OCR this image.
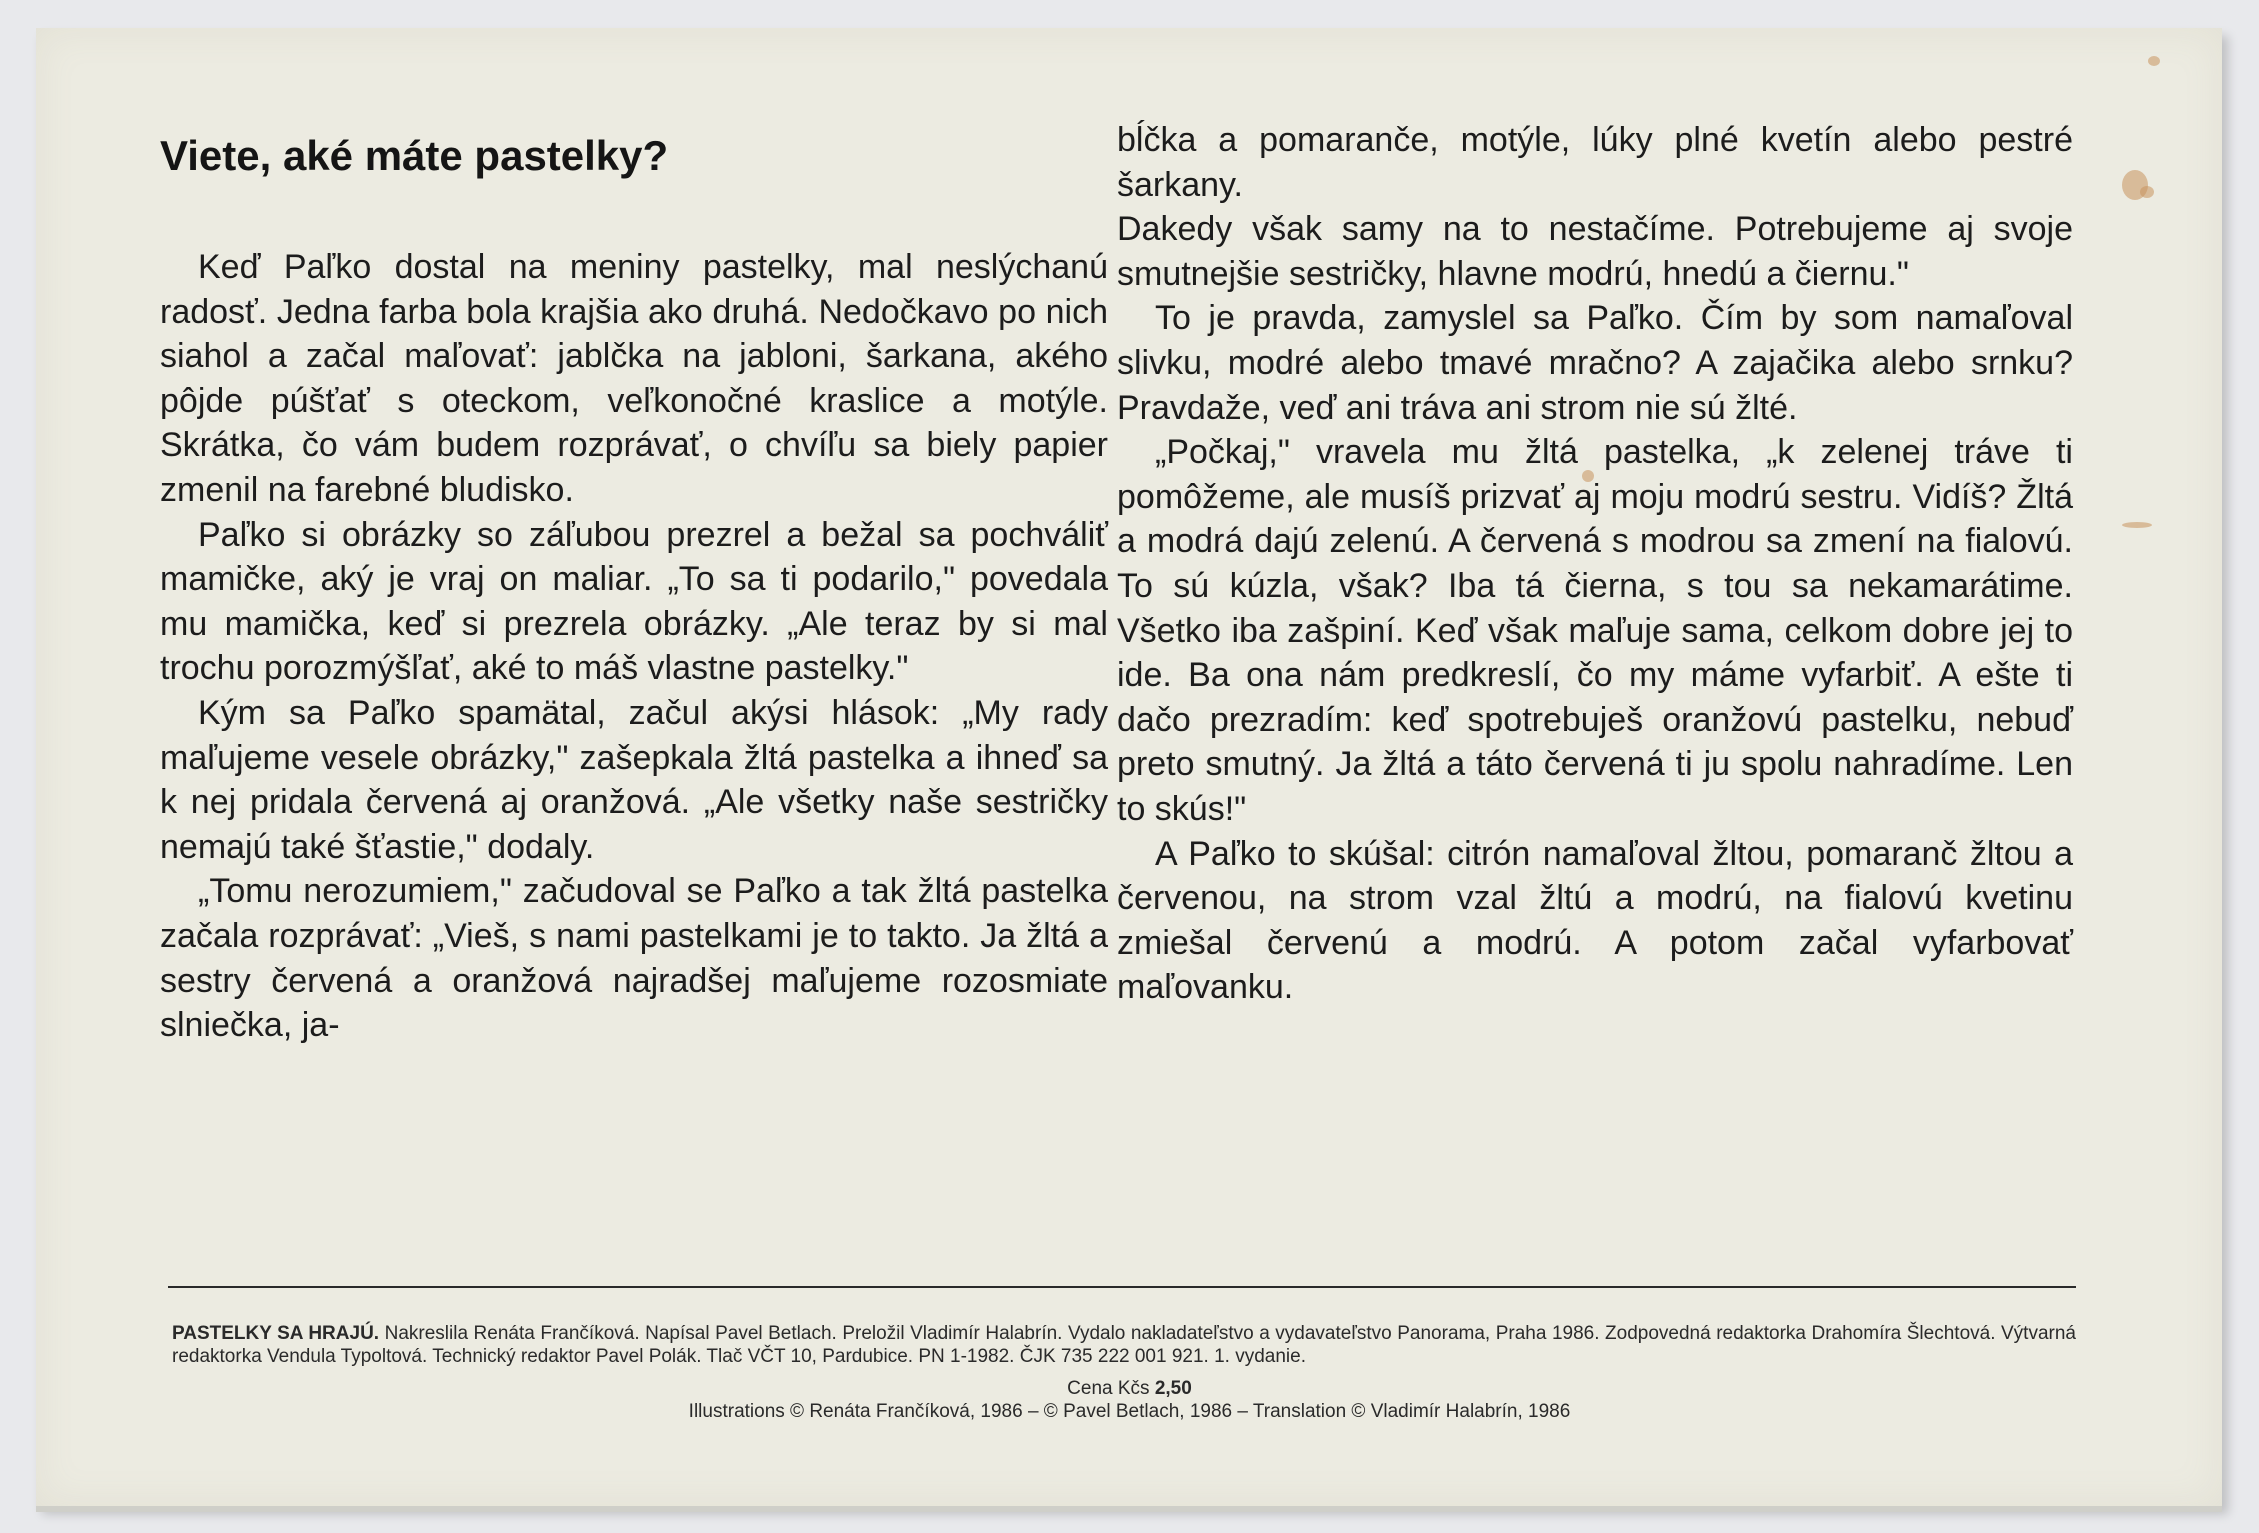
Viete, aké máte pastelky?

Keď Paľko dostal na meniny pastelky, mal neslýchanú radosť. Jedna farba bola krajšia ako druhá. Nedočkavo po nich siahol a začal maľovať: jablčka na jabloni, šarkana, akého pôjde púšťať s oteckom, veľkonočné kraslice a motýle. Skrátka, čo vám budem rozprávať, o chvíľu sa biely papier zmenil na farebné bludisko.

Paľko si obrázky so záľubou prezrel a bežal sa pochváliť mamičke, aký je vraj on maliar. „To sa ti podarilo," povedala mu mamička, keď si prezrela obrázky. „Ale teraz by si mal trochu porozmýšľať, aké to máš vlastne pastelky."

Kým sa Paľko spamätal, začul akýsi hlások: „My rady maľujeme vesele obrázky," zašepkala žltá pastelka a ihneď sa k nej pridala červená aj oranžová. „Ale všetky naše sestričky nemajú také šťastie," dodaly.

„Tomu nerozumiem," začudoval se Paľko a tak žltá pastelka začala rozprávať: „Vieš, s nami pastelkami je to takto. Ja žltá a sestry červená a oranžová najradšej maľujeme rozosmiate slniečka, ja-

bĺčka a pomaranče, motýle, lúky plné kvetín alebo pestré šarkany.

Dakedy však samy na to nestačíme. Potrebujeme aj svoje smutnejšie sestričky, hlavne modrú, hnedú a čiernu."

To je pravda, zamyslel sa Paľko. Čím by som namaľoval slivku, modré alebo tmavé mračno? A zajačika alebo srnku? Pravdaže, veď ani tráva ani strom nie sú žlté.

„Počkaj," vravela mu žltá pastelka, „k zelenej tráve ti pomôžeme, ale musíš prizvať aj moju modrú sestru. Vidíš? Žltá a modrá dajú zelenú. A červená s modrou sa zmení na fialovú. To sú kúzla, však? Iba tá čierna, s tou sa nekamarátime. Všetko iba zašpiní. Keď však maľuje sama, celkom dobre jej to ide. Ba ona nám predkreslí, čo my máme vyfarbiť. A ešte ti dačo prezradím: keď spotrebuješ oranžovú pastelku, nebuď preto smutný. Ja žltá a táto červená ti ju spolu nahradíme. Len to skús!"

A Paľko to skúšal: citrón namaľoval žltou, pomaranč žltou a červenou, na strom vzal žltú a modrú, na fialovú kvetinu zmiešal červenú a modrú. A potom začal vyfarbovať maľovanku.

PASTELKY SA HRAJÚ. Nakreslila Renáta Frančíková. Napísal Pavel Betlach. Preložil Vladimír Halabrín. Vydalo nakladateľstvo a vydavateľstvo Panorama, Praha 1986. Zodpovedná redaktorka Drahomíra Šlechtová. Výtvarná redaktorka Vendula Typoltová. Technický redaktor Pavel Polák. Tlač VČT 10, Pardubice. PN 1-1982. ČJK 735 222 001 921. 1. vydanie.
Cena Kčs 2,50
Illustrations © Renáta Frančíková, 1986 – © Pavel Betlach, 1986 – Translation © Vladimír Halabrín, 1986
